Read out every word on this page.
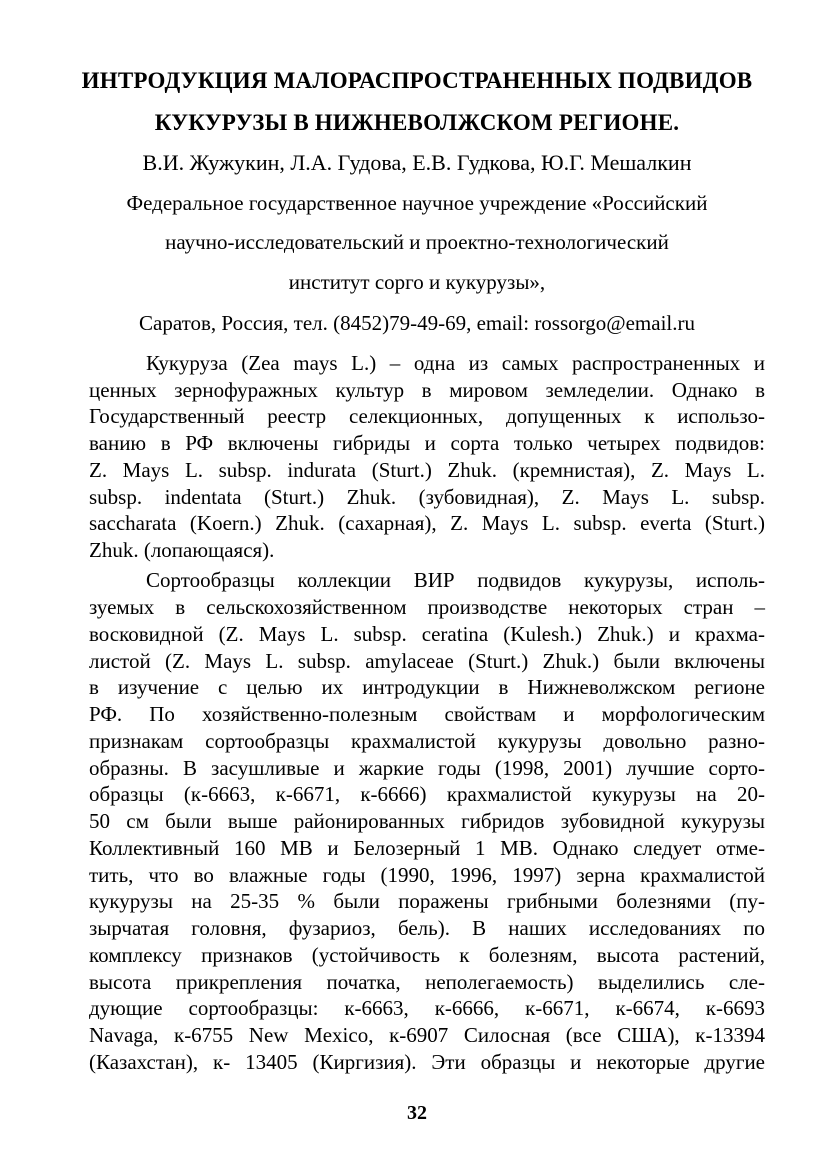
ИНТРОДУКЦИЯ МАЛОРАСПРОСТРАНЕННЫХ ПОДВИДОВ
КУКУРУЗЫ В НИЖНЕВОЛЖСКОМ РЕГИОНЕ.
В.И. Жужукин, Л.А. Гудова, Е.В. Гудкова, Ю.Г. Мешалкин
Федеральное государственное научное учреждение «Российский
научно-исследовательский и проектно-технологический
институт сорго и кукурузы»,
Саратов, Россия, тел. (8452)79-49-69, email: rossorgo@email.ru
Кукуруза (Zea mays L.) – одна из самых распространенных и
ценных зернофуражных культур в мировом земледелии. Однако в
Государственный реестр селекционных, допущенных к использо-
ванию в РФ включены гибриды и сорта только четырех подвидов:
Z. Mays L. subsp. indurata (Sturt.) Zhuk. (кремнистая), Z. Mays L.
subsp. indentata (Sturt.) Zhuk. (зубовидная), Z. Mays L. subsp.
saccharata (Koern.) Zhuk. (сахарная), Z. Mays L. subsp. everta (Sturt.)
Zhuk. (лопающаяся).
Сортообразцы коллекции ВИР подвидов кукурузы, исполь-
зуемых в сельскохозяйственном производстве некоторых стран –
восковидной (Z. Mays L. subsp. ceratina (Kulesh.) Zhuk.) и крахма-
листой (Z. Mays L. subsp. amylaceae (Sturt.) Zhuk.) были включены
в изучение с целью их интродукции в Нижневолжском регионе
РФ. По хозяйственно-полезным свойствам и морфологическим
признакам сортообразцы крахмалистой кукурузы довольно разно-
образны. В засушливые и жаркие годы (1998, 2001) лучшие сорто-
образцы (к-6663, к-6671, к-6666) крахмалистой кукурузы на 20-
50 см были выше районированных гибридов зубовидной кукурузы
Коллективный 160 МВ и Белозерный 1 МВ. Однако следует отме-
тить, что во влажные годы (1990, 1996, 1997) зерна крахмалистой
кукурузы на 25-35 % были поражены грибными болезнями (пу-
зырчатая головня, фузариоз, бель). В наших исследованиях по
комплексу признаков (устойчивость к болезням, высота растений,
высота прикрепления початка, неполегаемость) выделились сле-
дующие сортообразцы: к-6663, к-6666, к-6671, к-6674, к-6693
Navaga, к-6755 New Mexico, к-6907 Силосная (все США), к-13394
(Казахстан), к- 13405 (Киргизия). Эти образцы и некоторые другие
32
